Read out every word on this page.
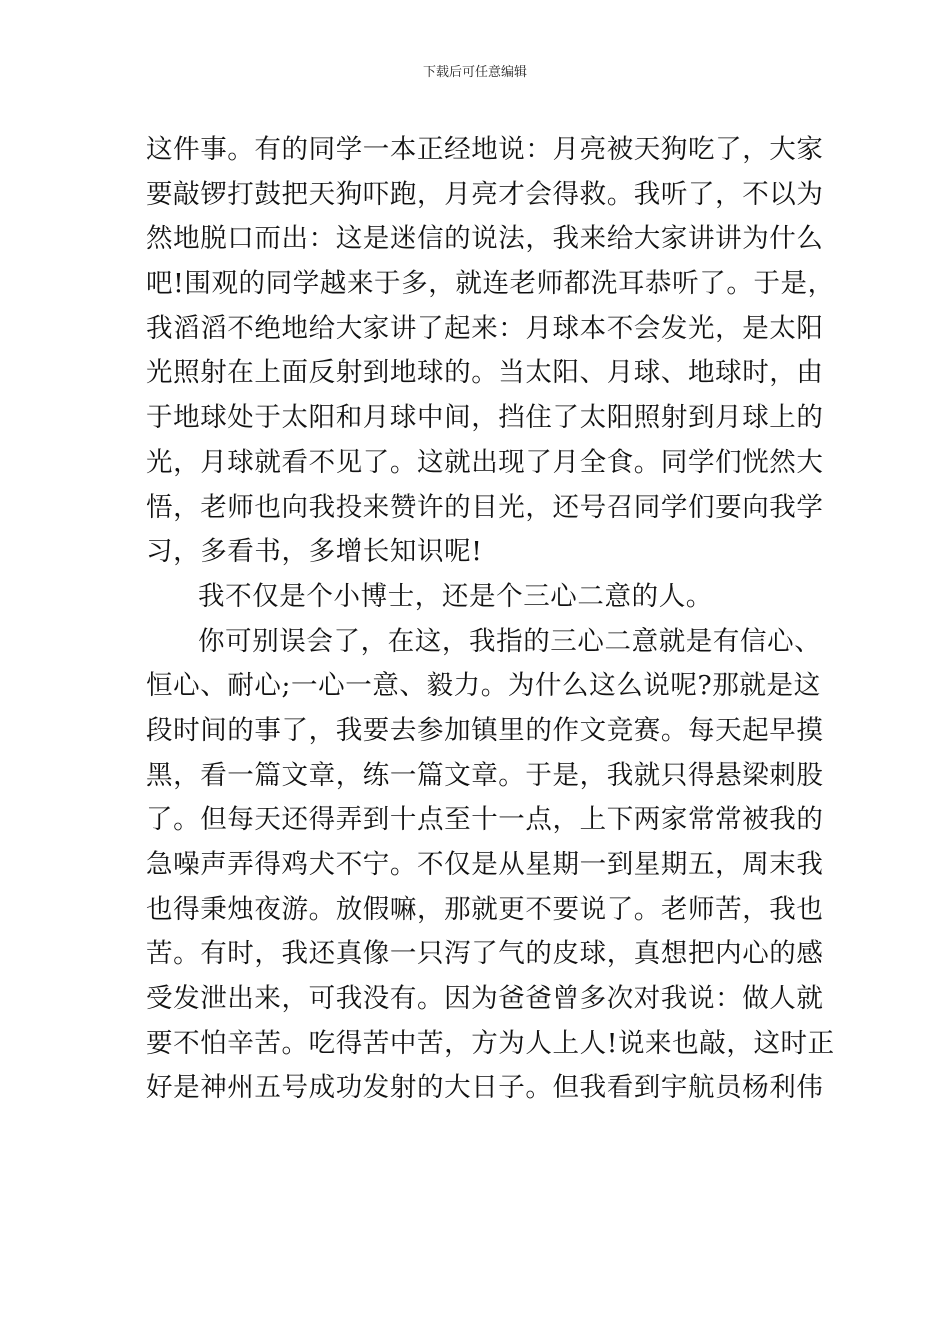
下载后可任意编辑
这件事。有的同学一本正经地说：月亮被天狗吃了，大家
要敲锣打鼓把天狗吓跑，月亮才会得救。我听了，不以为
然地脱口而出：这是迷信的说法，我来给大家讲讲为什么
吧!围观的同学越来于多，就连老师都洗耳恭听了。于是，
我滔滔不绝地给大家讲了起来：月球本不会发光，是太阳
光照射在上面反射到地球的。当太阳、月球、地球时，由
于地球处于太阳和月球中间，挡住了太阳照射到月球上的
光，月球就看不见了。这就出现了月全食。同学们恍然大
悟，老师也向我投来赞许的目光，还号召同学们要向我学
习，多看书，多增长知识呢!
我不仅是个小博士，还是个三心二意的人。
你可别误会了，在这，我指的三心二意就是有信心、
恒心、耐心;一心一意、毅力。为什么这么说呢?那就是这
段时间的事了，我要去参加镇里的作文竞赛。每天起早摸
黑，看一篇文章，练一篇文章。于是，我就只得悬梁刺股
了。但每天还得弄到十点至十一点，上下两家常常被我的
急噪声弄得鸡犬不宁。不仅是从星期一到星期五，周末我
也得秉烛夜游。放假嘛，那就更不要说了。老师苦，我也
苦。有时，我还真像一只泻了气的皮球，真想把内心的感
受发泄出来，可我没有。因为爸爸曾多次对我说：做人就
要不怕辛苦。吃得苦中苦，方为人上人!说来也敲，这时正
好是神州五号成功发射的大日子。但我看到宇航员杨利伟
